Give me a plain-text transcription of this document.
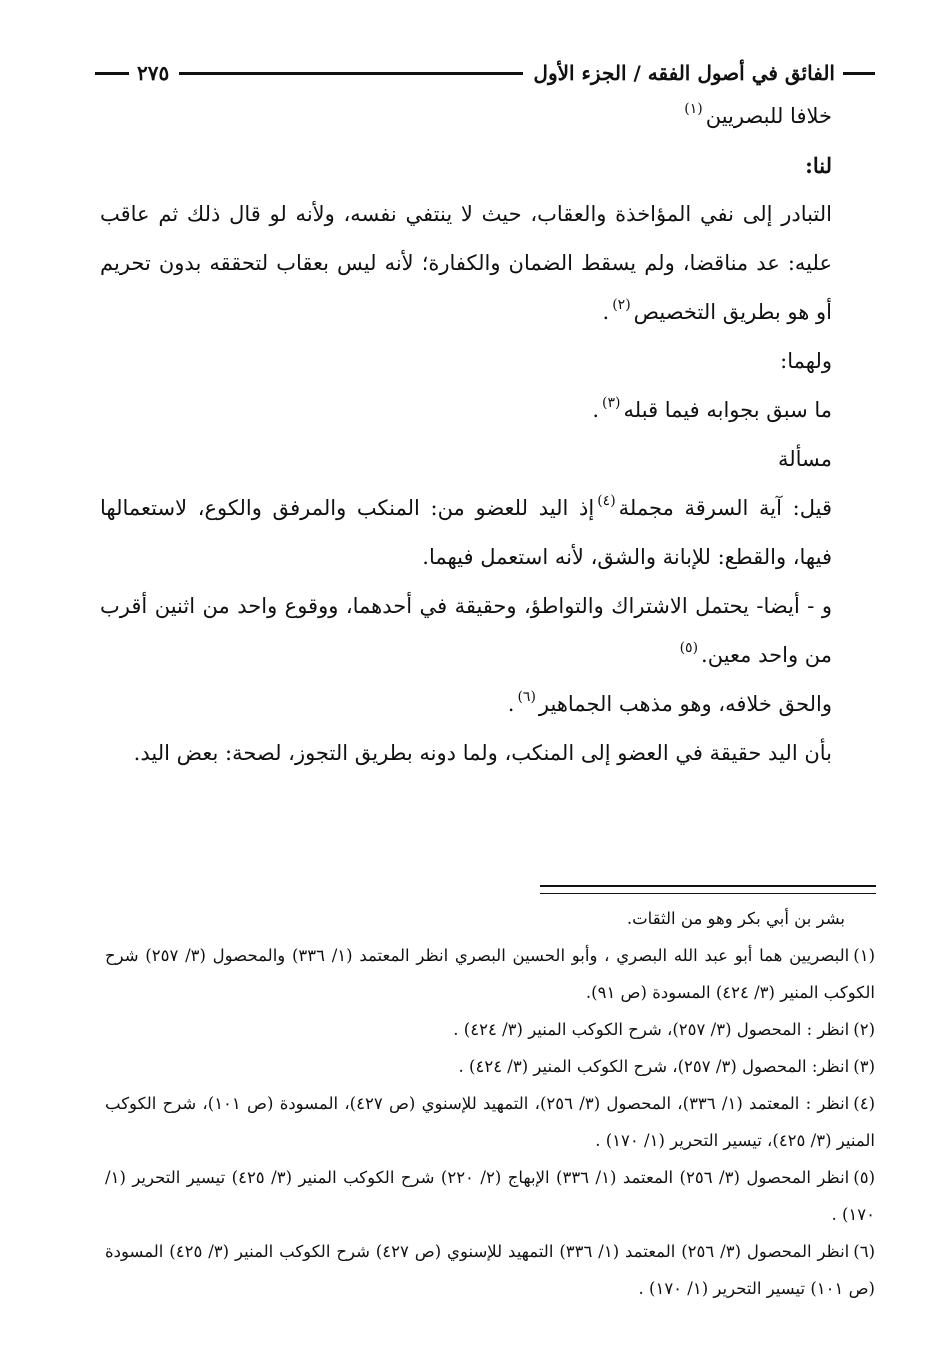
الفائق في أصول الفقه / الجزء الأول
٢٧٥

خلافا للبصريين$^{(١)}$

لنا:

التبادر إلى نفي المؤاخذة والعقاب، حيث لا ينتفي نفسه، ولأنه لو قال ذلك ثم عاقب عليه: عد مناقضا، ولم يسقط الضمان والكفارة؛ لأنه ليس بعقاب لتحققه بدون تحريم أو هو بطريق التخصيص$^{(٢)}$.

ولهما:

ما سبق بجوابه فيما قبله$^{(٣)}$.

مسألة

قيل: آية السرقة مجملة$^{(٤)}$إذ اليد للعضو من: المنكب والمرفق والكوع، لاستعمالها فيها، والقطع: للإبانة والشق، لأنه استعمل فيهما.

و - أيضا- يحتمل الاشتراك والتواطؤ، وحقيقة في أحدهما، ووقوع واحد من اثنين أقرب من واحد معين.$^{(٥)}$

والحق خلافه، وهو مذهب الجماهير$^{(٦)}$.

بأن اليد حقيقة في العضو إلى المنكب، ولما دونه بطريق التجوز، لصحة: بعض اليد.

بشر بن أبي بكر وهو من الثقات.

(١)البصريين هما أبو عبد الله البصري ، وأبو الحسين البصري انظر المعتمد (١/ ٣٣٦) والمحصول (٣/ ٢٥٧) شرح الكوكب المنير (٣/ ٤٢٤) المسودة (ص ٩١).

(٢)انظر : المحصول (٣/ ٢٥٧)، شرح الكوكب المنير (٣/ ٤٢٤) .

(٣)انظر: المحصول (٣/ ٢٥٧)، شرح الكوكب المنير (٣/ ٤٢٤) .

(٤)انظر : المعتمد (١/ ٣٣٦)، المحصول (٣/ ٢٥٦)، التمهيد للإسنوي (ص ٤٢٧)، المسودة (ص ١٠١)، شرح الكوكب المنير (٣/ ٤٢٥)، تيسير التحرير (١/ ١٧٠) .

(٥)انظر المحصول (٣/ ٢٥٦) المعتمد (١/ ٣٣٦) الإبهاج (٢/ ٢٢٠) شرح الكوكب المنير (٣/ ٤٢٥) تيسير التحرير (١/ ١٧٠) .

(٦)انظر المحصول (٣/ ٢٥٦) المعتمد (١/ ٣٣٦) التمهيد للإسنوي (ص ٤٢٧) شرح الكوكب المنير (٣/ ٤٢٥) المسودة (ص ١٠١) تيسير التحرير (١/ ١٧٠) .
